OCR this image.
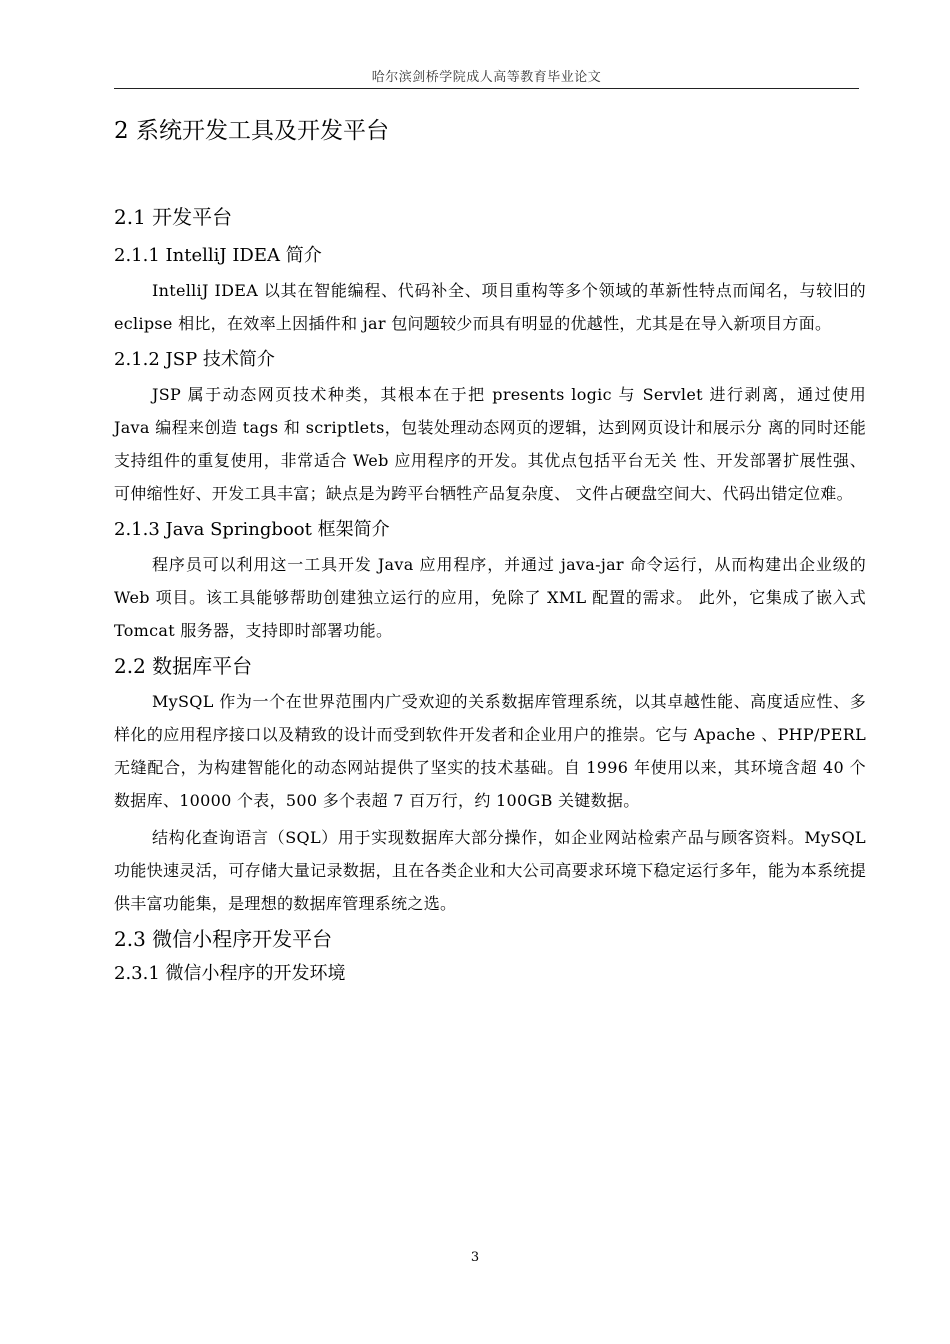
哈尔滨剑桥学院成人高等教育毕业论文
2 系统开发工具及开发平台
2.1 开发平台
2.1.1 IntelliJ IDEA 简介

IntelliJ IDEA 以其在智能编程、代码补全、项目重构等多个领域的革新性特点而闻名，与较旧的 eclipse 相比，在效率上因插件和 jar 包问题较少而具有明显的优越性，尤其是在导入新项目方面。

2.1.2 JSP 技术简介

JSP 属于动态网页技术种类，其根本在于把 presents logic 与 Servlet 进行剥离，通过使用 Java 编程来创造 tags 和 scriptlets，包装处理动态网页的逻辑，达到网页设计和展示分 离的同时还能支持组件的重复使用，非常适合 Web 应用程序的开发。其优点包括平台无关 性、开发部署扩展性强、可伸缩性好、开发工具丰富；缺点是为跨平台牺牲产品复杂度、 文件占硬盘空间大、代码出错定位难。

2.1.3 Java Springboot 框架简介

程序员可以利用这一工具开发 Java 应用程序，并通过 java-jar 命令运行，从而构建出企业级的 Web 项目。该工具能够帮助创建独立运行的应用，免除了 XML 配置的需求。 此外，它集成了嵌入式 Tomcat 服务器，支持即时部署功能。

2.2 数据库平台

MySQL 作为一个在世界范围内广受欢迎的关系数据库管理系统，以其卓越性能、高度适应性、多样化的应用程序接口以及精致的设计而受到软件开发者和企业用户的推崇。它与 Apache 、PHP/PERL 无缝配合，为构建智能化的动态网站提供了坚实的技术基础。自 1996 年使用以来，其环境含超 40 个数据库、10000 个表，500 多个表超 7 百万行，约 100GB 关键数据。

结构化查询语言（SQL）用于实现数据库大部分操作，如企业网站检索产品与顾客资料。MySQL 功能快速灵活，可存储大量记录数据，且在各类企业和大公司高要求环境下稳定运行多年，能为本系统提供丰富功能集，是理想的数据库管理系统之选。

2.3 微信小程序开发平台
2.3.1 微信小程序的开发环境
3
